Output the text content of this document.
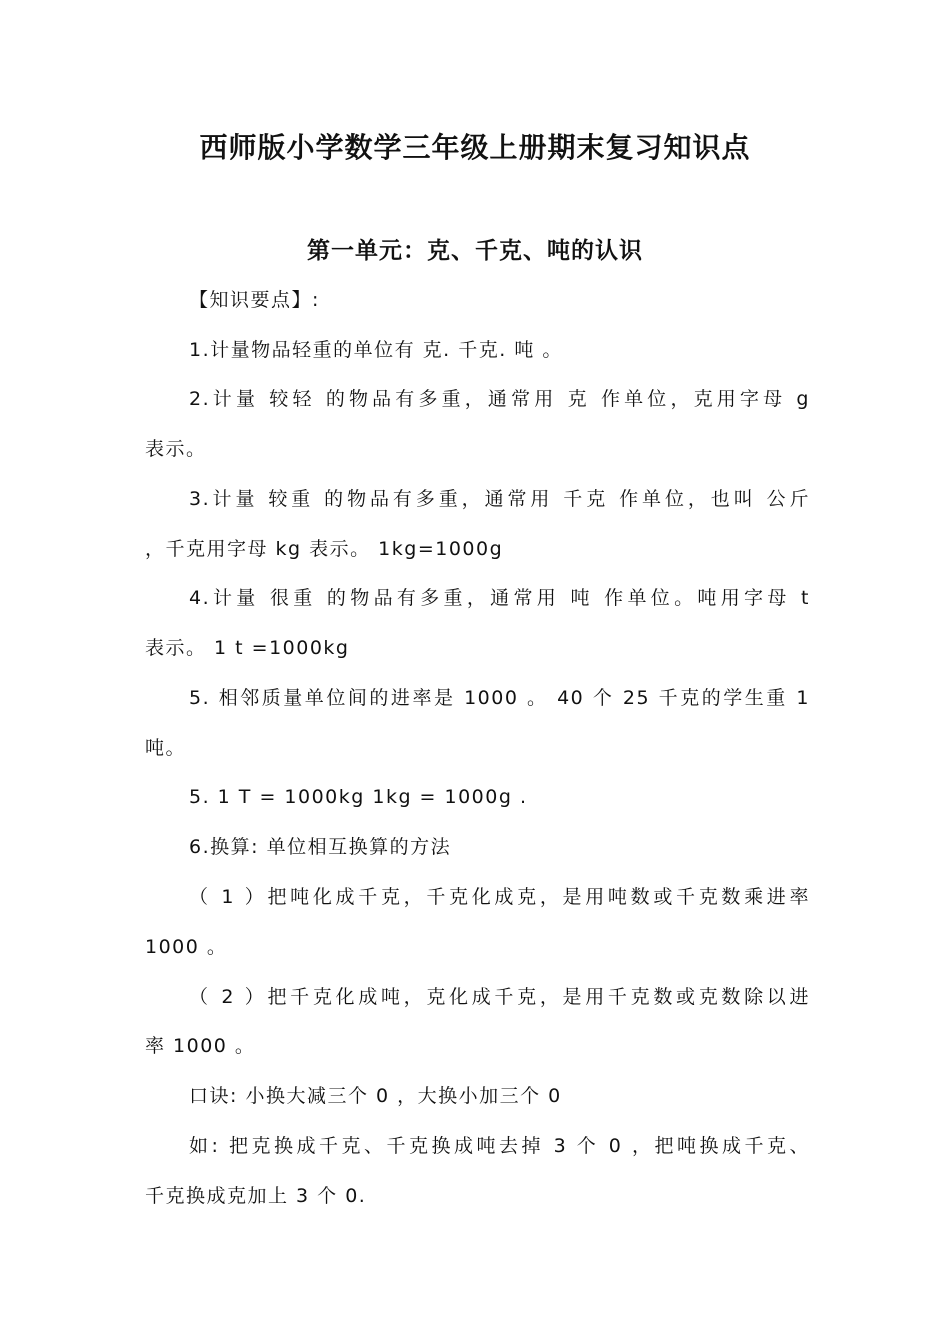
西师版小学数学三年级上册期末复习知识点
第一单元：克、千克、吨的认识
【知识要点】:
1.计量物品轻重的单位有 克. 千克. 吨 。
2.计量 较轻 的物品有多重，通常用 克 作单位，克用字母 g
表示。
3.计量 较重 的物品有多重，通常用 千克 作单位，也叫 公斤
，千克用字母 kg 表示。 1kg=1000g
4.计量 很重 的物品有多重，通常用 吨 作单位。吨用字母 t
表示。 1 t =1000kg
5. 相邻质量单位间的进率是 1000 。 40 个 25 千克的学生重 1
吨。
5. 1 T = 1000kg 1kg = 1000g .
6.换算: 单位相互换算的方法
（ 1 ）把吨化成千克，千克化成克，是用吨数或千克数乘进率
1000 。
（ 2 ）把千克化成吨，克化成千克，是用千克数或克数除以进
率 1000 。
口诀: 小换大减三个 0 ，大换小加三个 0
如: 把克换成千克、千克换成吨去掉 3 个 0 ，把吨换成千克、
千克换成克加上 3 个 0.
